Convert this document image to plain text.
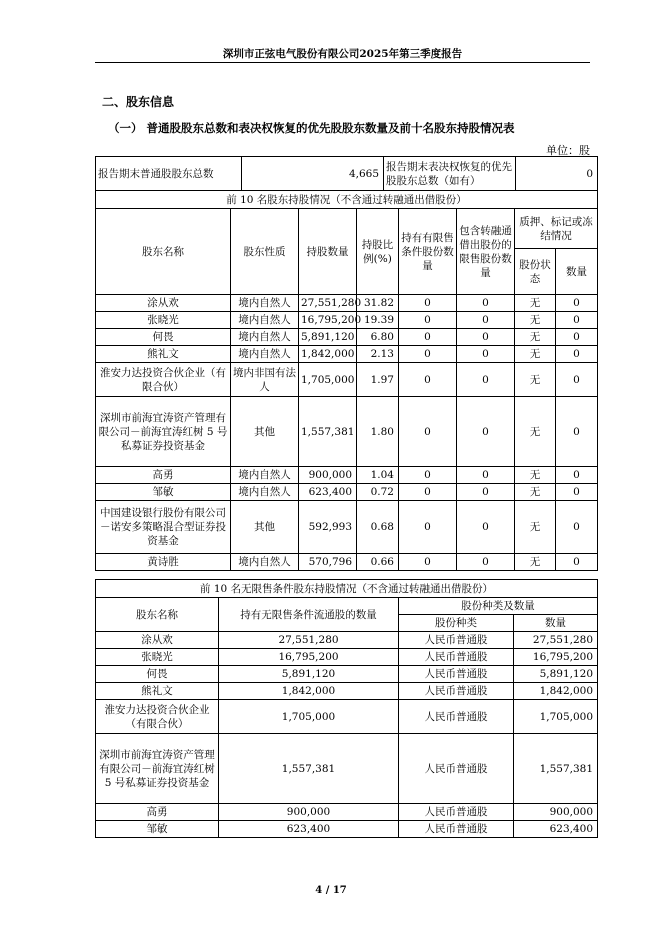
深圳市正弦电气股份有限公司2025年第三季度报告
二、股东信息
（一） 普通股股东总数和表决权恢复的优先股股东数量及前十名股东持股情况表
单位：股
报告期末普通股股东总数	4,665	报告期末表决权恢复的优先股股东总数（如有）	0
前 10 名股东持股情况（不含通过转融通出借股份）							
股东名称	股东性质	持股数量	持股比例(%)	持有有限售条件股份数量	包含转融通借出股份的限售股份数量	质押、标记或冻结情况	
						股份状态	数量
涂从欢	境内自然人	27,551,280	31.82	0	0	无	0
张晓光	境内自然人	16,795,200	19.39	0	0	无	0
何畏	境内自然人	5,891,120	6.80	0	0	无	0
熊礼文	境内自然人	1,842,000	2.13	0	0	无	0
淮安力达投资合伙企业（有限合伙）	境内非国有法人	1,705,000	1.97	0	0	无	0
深圳市前海宜涛资产管理有限公司－前海宜涛红树 5 号私募证券投资基金	其他	1,557,381	1.80	0	0	无	0
高勇	境内自然人	900,000	1.04	0	0	无	0
邹敏	境内自然人	623,400	0.72	0	0	无	0
中国建设银行股份有限公司－诺安多策略混合型证券投资基金	其他	592,993	0.68	0	0	无	0
黄诗胜	境内自然人	570,796	0.66	0	0	无	0
前 10 名无限售条件股东持股情况（不含通过转融通出借股份）			
股东名称	持有无限售条件流通股的数量	股份种类及数量	
		股份种类	数量
涂从欢	27,551,280	人民币普通股	27,551,280
张晓光	16,795,200	人民币普通股	16,795,200
何畏	5,891,120	人民币普通股	5,891,120
熊礼文	1,842,000	人民币普通股	1,842,000
淮安力达投资合伙企业（有限合伙）	1,705,000	人民币普通股	1,705,000
深圳市前海宜涛资产管理有限公司－前海宜涛红树 5 号私募证券投资基金	1,557,381	人民币普通股	1,557,381
高勇	900,000	人民币普通股	900,000
邹敏	623,400	人民币普通股	623,400
4 / 17
